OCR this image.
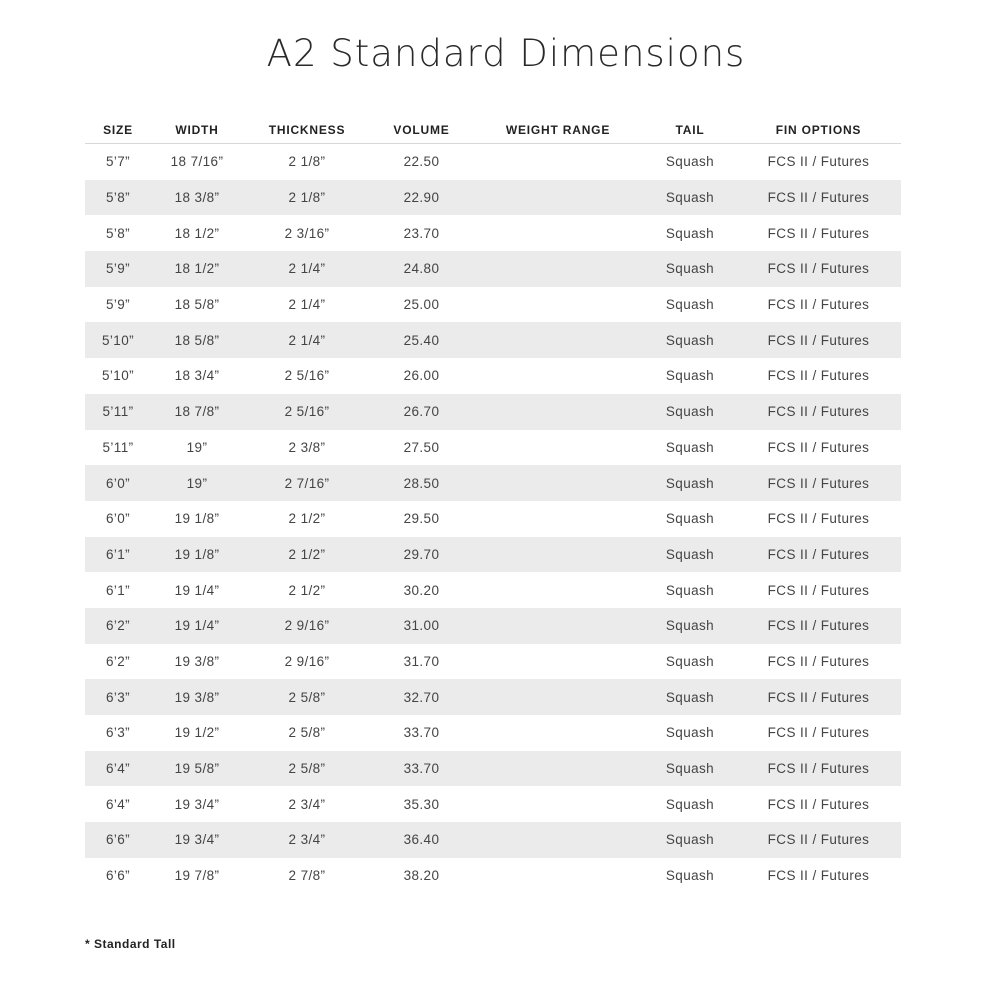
A2 Standard Dimensions
SIZE	WIDTH	THICKNESS	VOLUME	WEIGHT RANGE	TAIL	FIN OPTIONS
5’7”	18 7/16”	2 1/8”	22.50		Squash	FCS II / Futures
5’8”	18 3/8”	2 1/8”	22.90		Squash	FCS II / Futures
5’8”	18 1/2”	2 3/16”	23.70		Squash	FCS II / Futures
5’9”	18 1/2”	2 1/4”	24.80		Squash	FCS II / Futures
5’9”	18 5/8”	2 1/4”	25.00		Squash	FCS II / Futures
5’10”	18 5/8”	2 1/4”	25.40		Squash	FCS II / Futures
5’10”	18 3/4”	2 5/16”	26.00		Squash	FCS II / Futures
5’11”	18 7/8”	2 5/16”	26.70		Squash	FCS II / Futures
5’11”	19”	2 3/8”	27.50		Squash	FCS II / Futures
6’0”	19”	2 7/16”	28.50		Squash	FCS II / Futures
6’0”	19 1/8”	2 1/2”	29.50		Squash	FCS II / Futures
6’1”	19 1/8”	2 1/2”	29.70		Squash	FCS II / Futures
6’1”	19 1/4”	2 1/2”	30.20		Squash	FCS II / Futures
6’2”	19 1/4”	2 9/16”	31.00		Squash	FCS II / Futures
6’2”	19 3/8”	2 9/16”	31.70		Squash	FCS II / Futures
6’3”	19 3/8”	2 5/8”	32.70		Squash	FCS II / Futures
6’3”	19 1/2”	2 5/8”	33.70		Squash	FCS II / Futures
6’4”	19 5/8”	2 5/8”	33.70		Squash	FCS II / Futures
6’4”	19 3/4”	2 3/4”	35.30		Squash	FCS II / Futures
6’6”	19 3/4”	2 3/4”	36.40		Squash	FCS II / Futures
6’6”	19 7/8”	2 7/8”	38.20		Squash	FCS II / Futures
* Standard Tall
